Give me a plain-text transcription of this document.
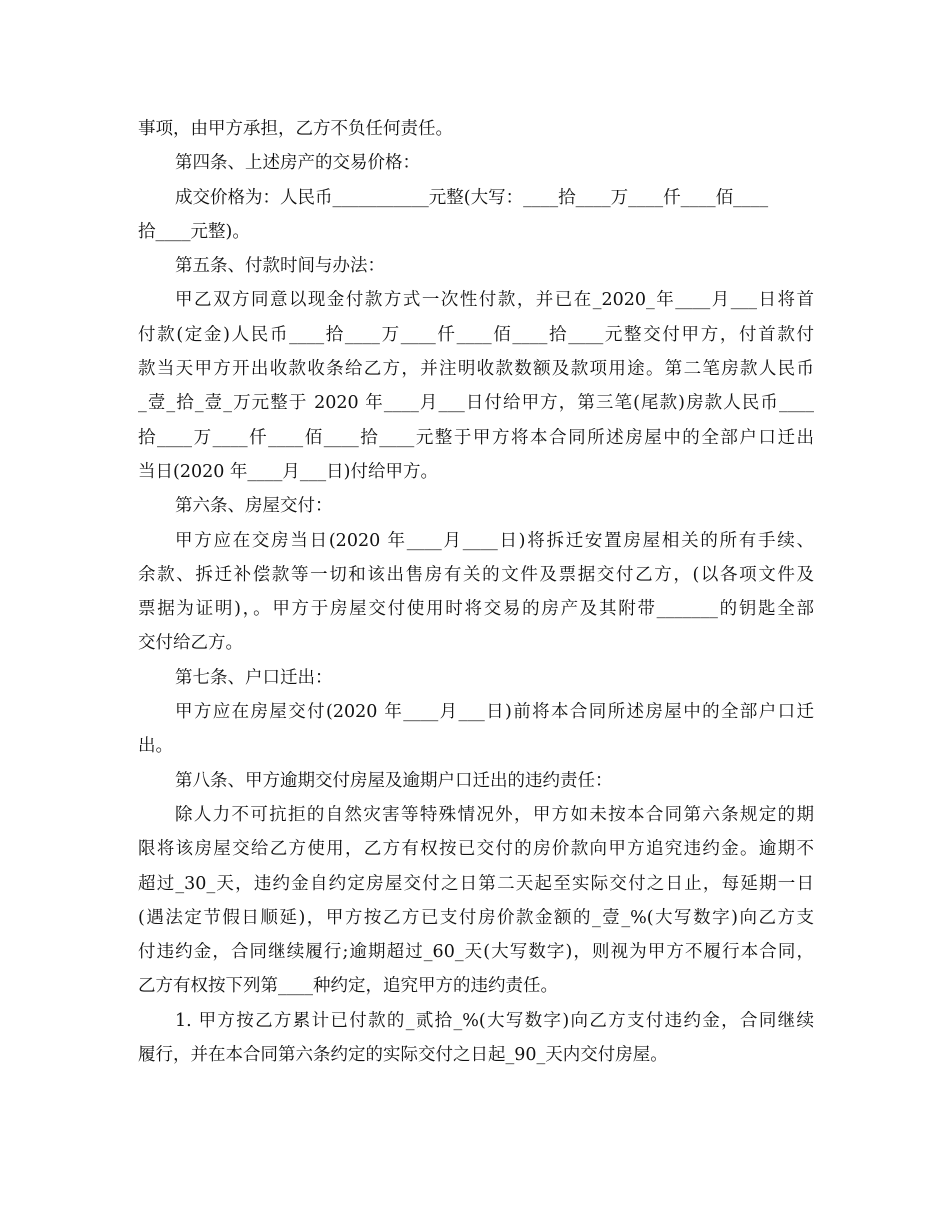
事项，由甲方承担，乙方不负任何责任。
第四条、上述房产的交易价格：
成交价格为：人民币___________元整(大写：____拾____万____仟____佰____
拾____元整)。
第五条、付款时间与办法：
甲乙双方同意以现金付款方式一次性付款，并已在_2020_年____月___日将首
付款(定金)人民币____拾____万____仟____佰____拾____元整交付甲方，付首款付
款当天甲方开出收款收条给乙方，并注明收款数额及款项用途。第二笔房款人民币
_壹_拾_壹_万元整于 2020 年____月___日付给甲方，第三笔(尾款)房款人民币____
拾____万____仟____佰____拾____元整于甲方将本合同所述房屋中的全部户口迁出
当日(2020 年____月___日)付给甲方。
第六条、房屋交付：
甲方应在交房当日(2020 年____月____日)将拆迁安置房屋相关的所有手续、
余款、拆迁补偿款等一切和该出售房有关的文件及票据交付乙方，(以各项文件及
票据为证明)，。甲方于房屋交付使用时将交易的房产及其附带_______的钥匙全部
交付给乙方。
第七条、户口迁出：
甲方应在房屋交付(2020 年____月___日)前将本合同所述房屋中的全部户口迁
出。
第八条、甲方逾期交付房屋及逾期户口迁出的违约责任：
除人力不可抗拒的自然灾害等特殊情况外，甲方如未按本合同第六条规定的期
限将该房屋交给乙方使用，乙方有权按已交付的房价款向甲方追究违约金。逾期不
超过_30_天，违约金自约定房屋交付之日第二天起至实际交付之日止，每延期一日
(遇法定节假日顺延)，甲方按乙方已支付房价款金额的_壹_%(大写数字)向乙方支
付违约金，合同继续履行;逾期超过_60_天(大写数字)，则视为甲方不履行本合同，
乙方有权按下列第____种约定，追究甲方的违约责任。
1. 甲方按乙方累计已付款的_贰拾_%(大写数字)向乙方支付违约金，合同继续
履行，并在本合同第六条约定的实际交付之日起_90_天内交付房屋。
